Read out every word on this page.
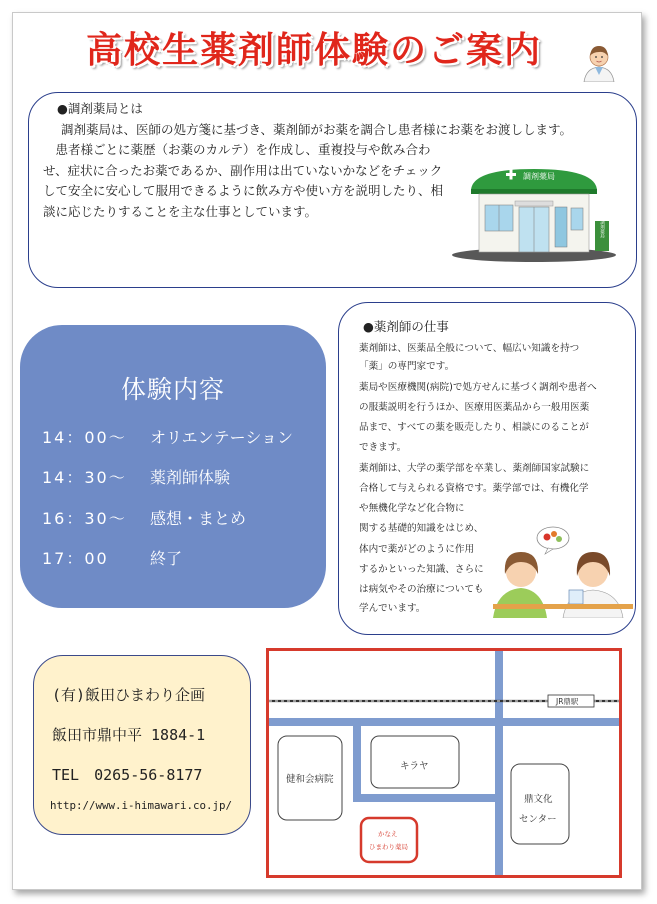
高校生薬剤師体験のご案内
●調剤薬局とは
調剤薬局は、医師の処方箋に基づき、薬剤師がお薬を調合し患者様にお薬をお渡しします。
患者様ごとに薬歴（お薬のカルテ）を作成し、重複投与や飲み合わせ、症状に合ったお薬であるか、副作用は出ていないかなどをチェックして安全に安心して服用できるように飲み方や使い方を説明したり、相談に応じたりすることを主な仕事としています。
調剤薬局
調剤薬局
体験内容
14：00～ オリエンテーション
14：30～ 薬剤師体験
16：30～ 感想・まとめ
17：00	終了
●薬剤師の仕事
薬剤師は、医薬品全般について、幅広い知識を持つ
「薬」の専門家です。
薬局や医療機関(病院)で処方せんに基づく調剤や患者へ
の服薬説明を行うほか、医療用医薬品から一般用医薬
品まで、すべての薬を販売したり、相談にのることが
できます。
薬剤師は、大学の薬学部を卒業し、薬剤師国家試験に
合格して与えられる資格です。薬学部では、有機化学
や無機化学など化合物に
関する基礎的知識をはじめ、
体内で薬がどのように作用
するかといった知識、さらに
は病気やその治療についても
学んでいます。
(有)飯田ひまわり企画
飯田市鼎中平 1884-1
TEL　0265-56-8177
http://www.i-himawari.co.jp/
JR鼎駅
健和会病院
キラヤ
鼎文化
センター
かなえ
ひまわり薬局
